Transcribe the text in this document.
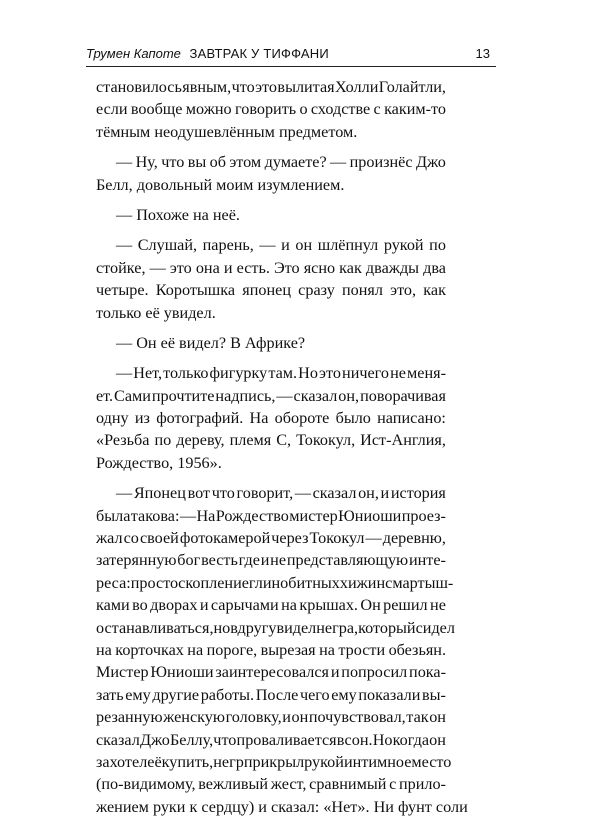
Трумен Капоте ЗАВТРАК У ТИФФАНИ	13
становилось явным, что это вылитая Холли Голайтли,
если вообще можно говорить о сходстве с каким-то
тёмным неодушевлённым предметом.
— Ну, что вы об этом думаете? — произнёс Джо
Белл, довольный моим изумлением.
— Похоже на неё.
— Слушай, парень, — и он шлёпнул рукой по
стойке, — это она и есть. Это ясно как дважды два
четыре. Коротышка японец сразу понял это, как
только её увидел.
— Он её видел? В Африке?
— Нет, только фигурку там. Но это ничего не меня-
ет. Сами прочтите надпись, — сказал он, поворачивая
одну из фотографий. На обороте было написано:
«Резьба по дереву, племя С, Тококул, Ист-Англия,
Рождество, 1956».
— Японец вот что говорит, — сказал он, и история
была такова: — На Рождество мистер Юниоши проез-
жал со своей фотокамерой через Тококул — деревню,
затерянную бог весть где и не представляющую инте-
реса: просто скопление глинобитных хижин с мартыш-
ками во дворах и сарычами на крышах. Он решил не
останавливаться, но вдруг увидел негра, который сидел
на корточках на пороге, вырезая на трости обезьян.
Мистер Юниоши заинтересовался и попросил пока-
зать ему другие работы. После чего ему показали вы-
резанную женскую головку, и он почувствовал, так он
сказал Джо Беллу, что проваливается в сон. Но когда он
захотел её купить, негр прикрыл рукой интимное место
(по-видимому, вежливый жест, сравнимый с прило-
жением руки к сердцу) и сказал: «Нет». Ни фунт соли
